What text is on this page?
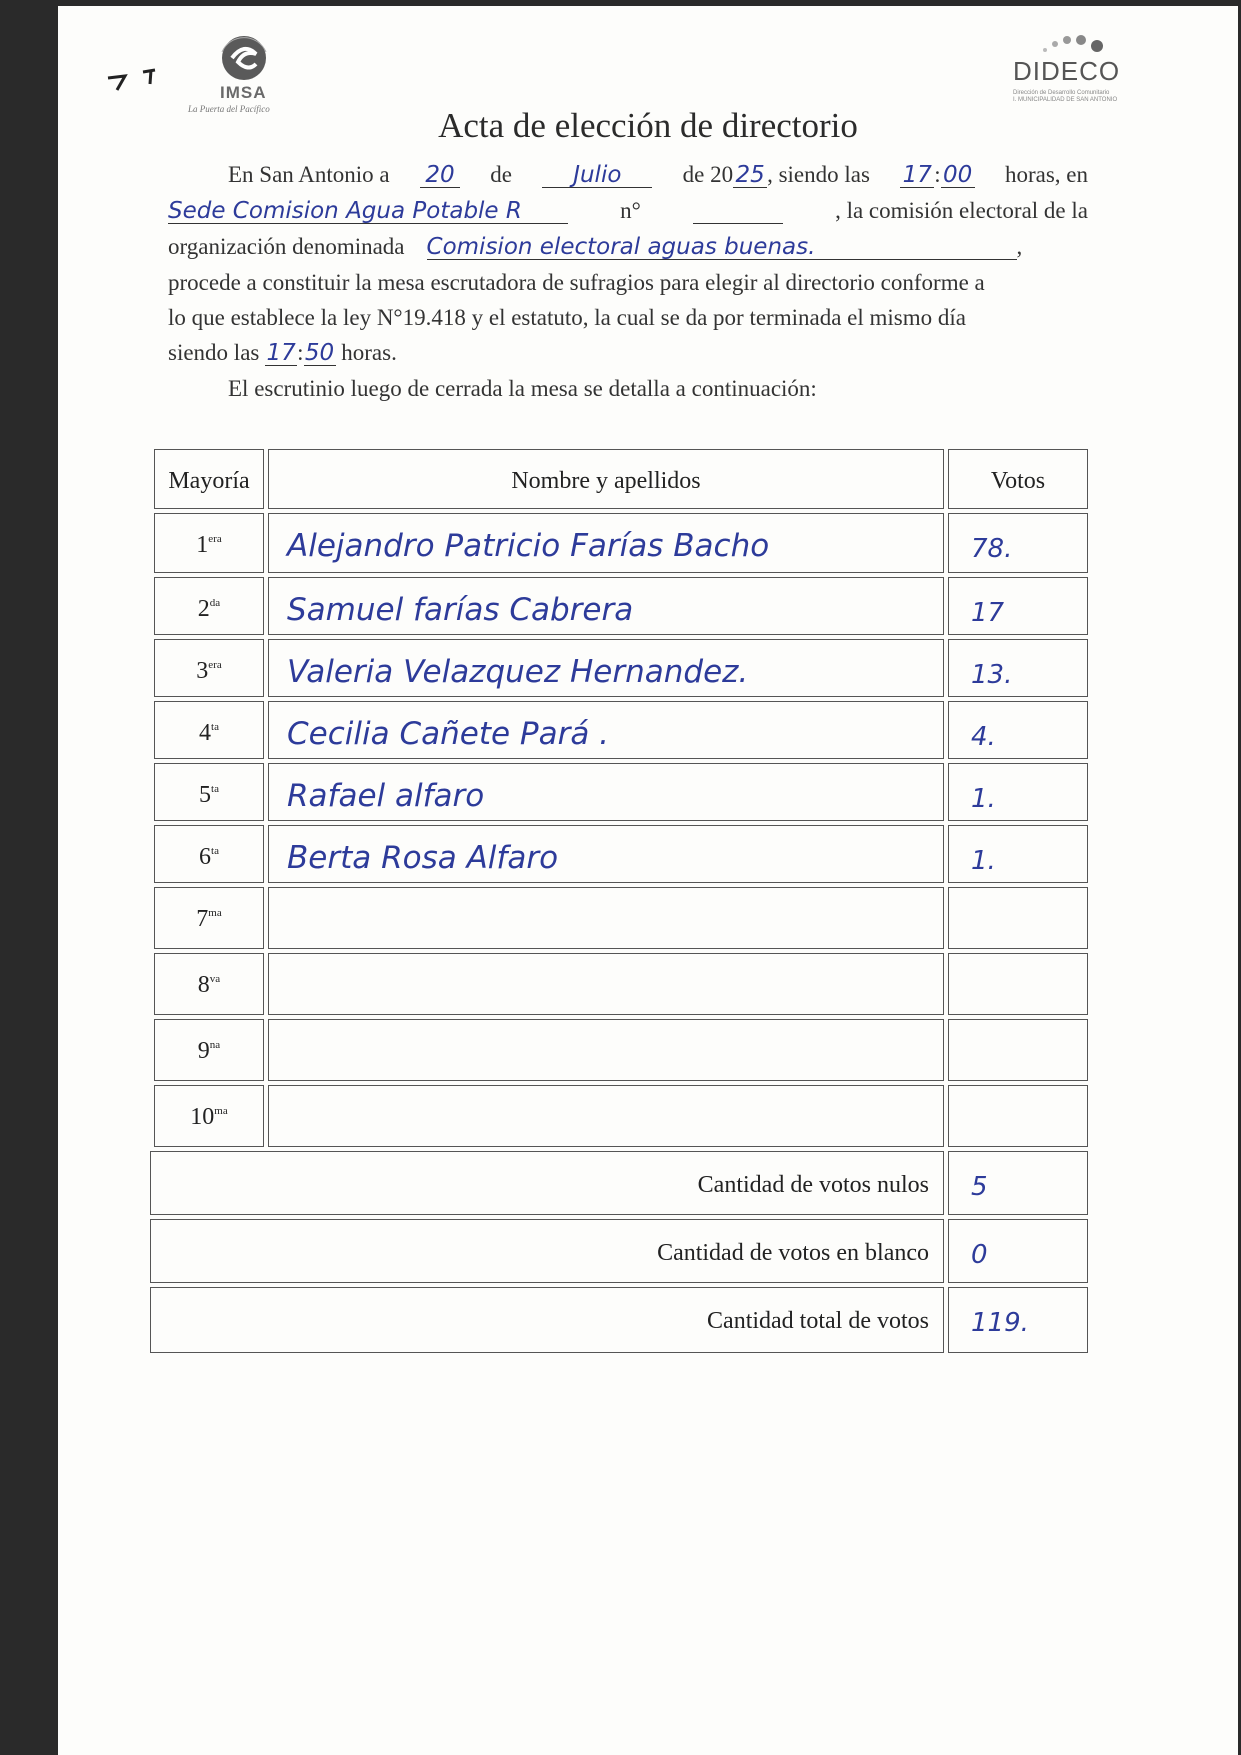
IMSA
La Puerta del Pacífico
DIDECO
Dirección de Desarrollo Comunitario
I. MUNICIPALIDAD DE SAN ANTONIO
Acta de elección de directorio
En San Antonio a 20 de	Julio	de 20 25 , siendo las 17 : 00 horas, en
Sede Comision Agua Potable R	n°	, la comisión electoral de la
organización denominada Comision electoral aguas buenas.	,
procede a constituir la mesa escrutadora de sufragios para elegir al directorio conforme a
lo que establece la ley N°19.418 y el estatuto, la cual se da por terminada el mismo día
siendo las 17:50 horas.
El escrutinio luego de cerrada la mesa se detalla a continuación:
Mayoría	Nombre y apellidos	Votos
$1^{era}$	Alejandro Patricio Farías Bacho	78.
$2^{da}$	Samuel farías Cabrera	17
$3^{era}$	Valeria Velazquez Hernandez.	13.
$4^{ta}$	Cecilia Cañete Pará .	4.
$5^{ta}$	Rafael alfaro	1.
$6^{ta}$	Berta Rosa Alfaro	1.
$7^{ma}$
$8^{va}$
$9^{na}$
$10^{ma}$
Cantidad de votos nulos 5
Cantidad de votos en blanco 0
Cantidad total de votos 119.
